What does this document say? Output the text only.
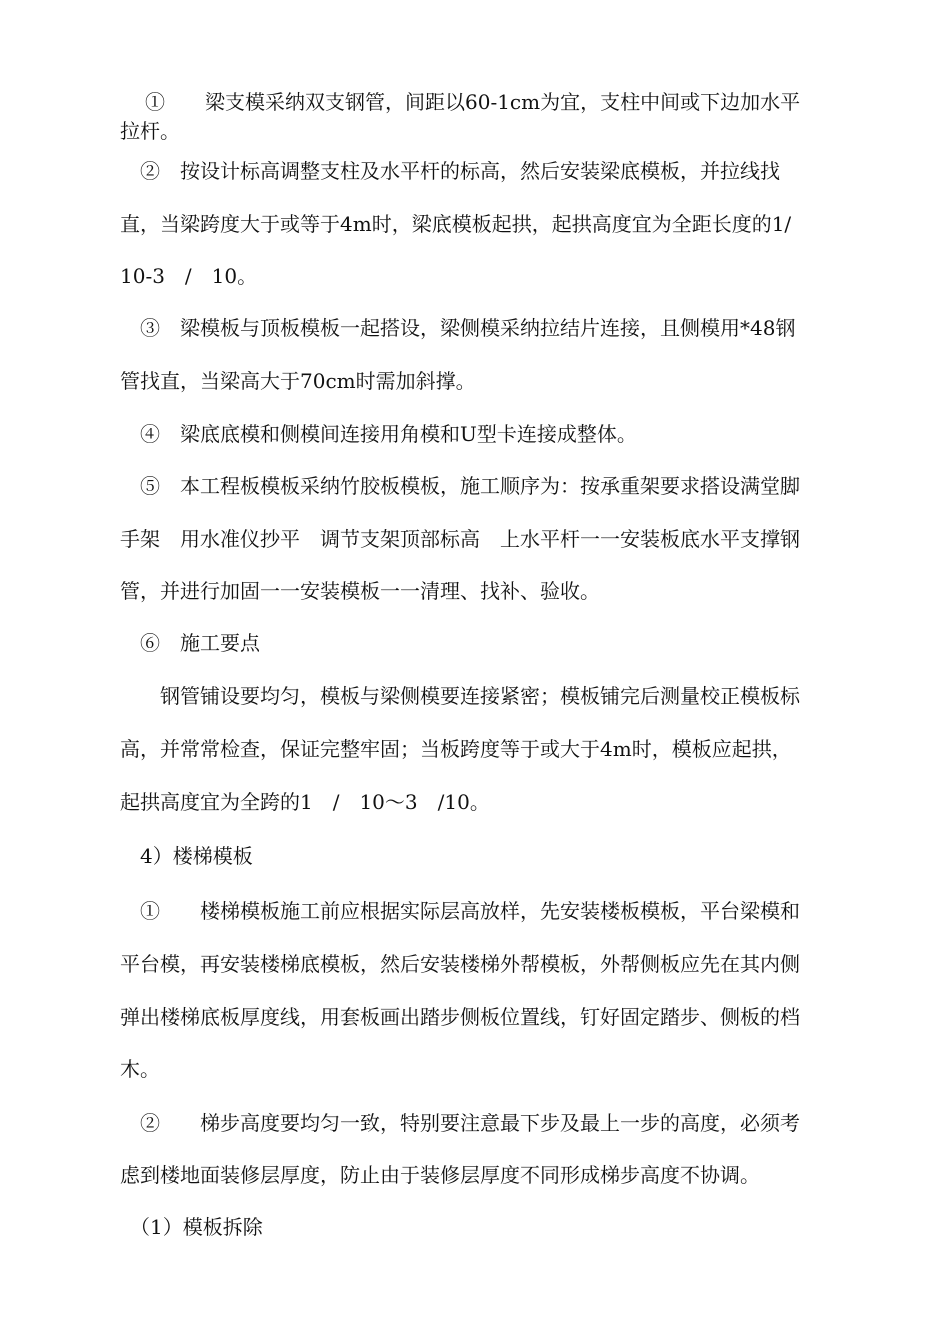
①　　梁支模采纳双支钢管，间距以60-1cm为宜，支柱中间或下边加水平
拉杆。
　②　按设计标高调整支柱及水平杆的标高，然后安装梁底模板，并拉线找
直，当梁跨度大于或等于4m时，梁底模板起拱，起拱高度宜为全距长度的1/
10-3　/　10。
　③　梁模板与顶板模板一起搭设，梁侧模采纳拉结片连接，且侧模用*48钢
管找直，当梁高大于70cm时需加斜撑。
　④　梁底底模和侧模间连接用角模和U型卡连接成整体。
　⑤　本工程板模板采纳竹胶板模板，施工顺序为：按承重架要求搭设满堂脚
手架　用水准仪抄平　调节支架顶部标高　上水平杆一一安装板底水平支撑钢
管，并进行加固一一安装模板一一清理、找补、验收。
　⑥　施工要点
　　钢管铺设要均匀，模板与梁侧模要连接紧密；模板铺完后测量校正模板标
高，并常常检查，保证完整牢固；当板跨度等于或大于4m时，模板应起拱，
起拱高度宜为全跨的1　/　10〜3　/10。
　4）楼梯模板
　①　　楼梯模板施工前应根据实际层高放样，先安装楼板模板，平台梁模和
平台模，再安装楼梯底模板，然后安装楼梯外帮模板，外帮侧板应先在其内侧
弹出楼梯底板厚度线，用套板画出踏步侧板位置线，钉好固定踏步、侧板的档
木。
　②　　梯步高度要均匀一致，特别要注意最下步及最上一步的高度，必须考
虑到楼地面装修层厚度，防止由于装修层厚度不同形成梯步高度不协调。
　（1）模板拆除
